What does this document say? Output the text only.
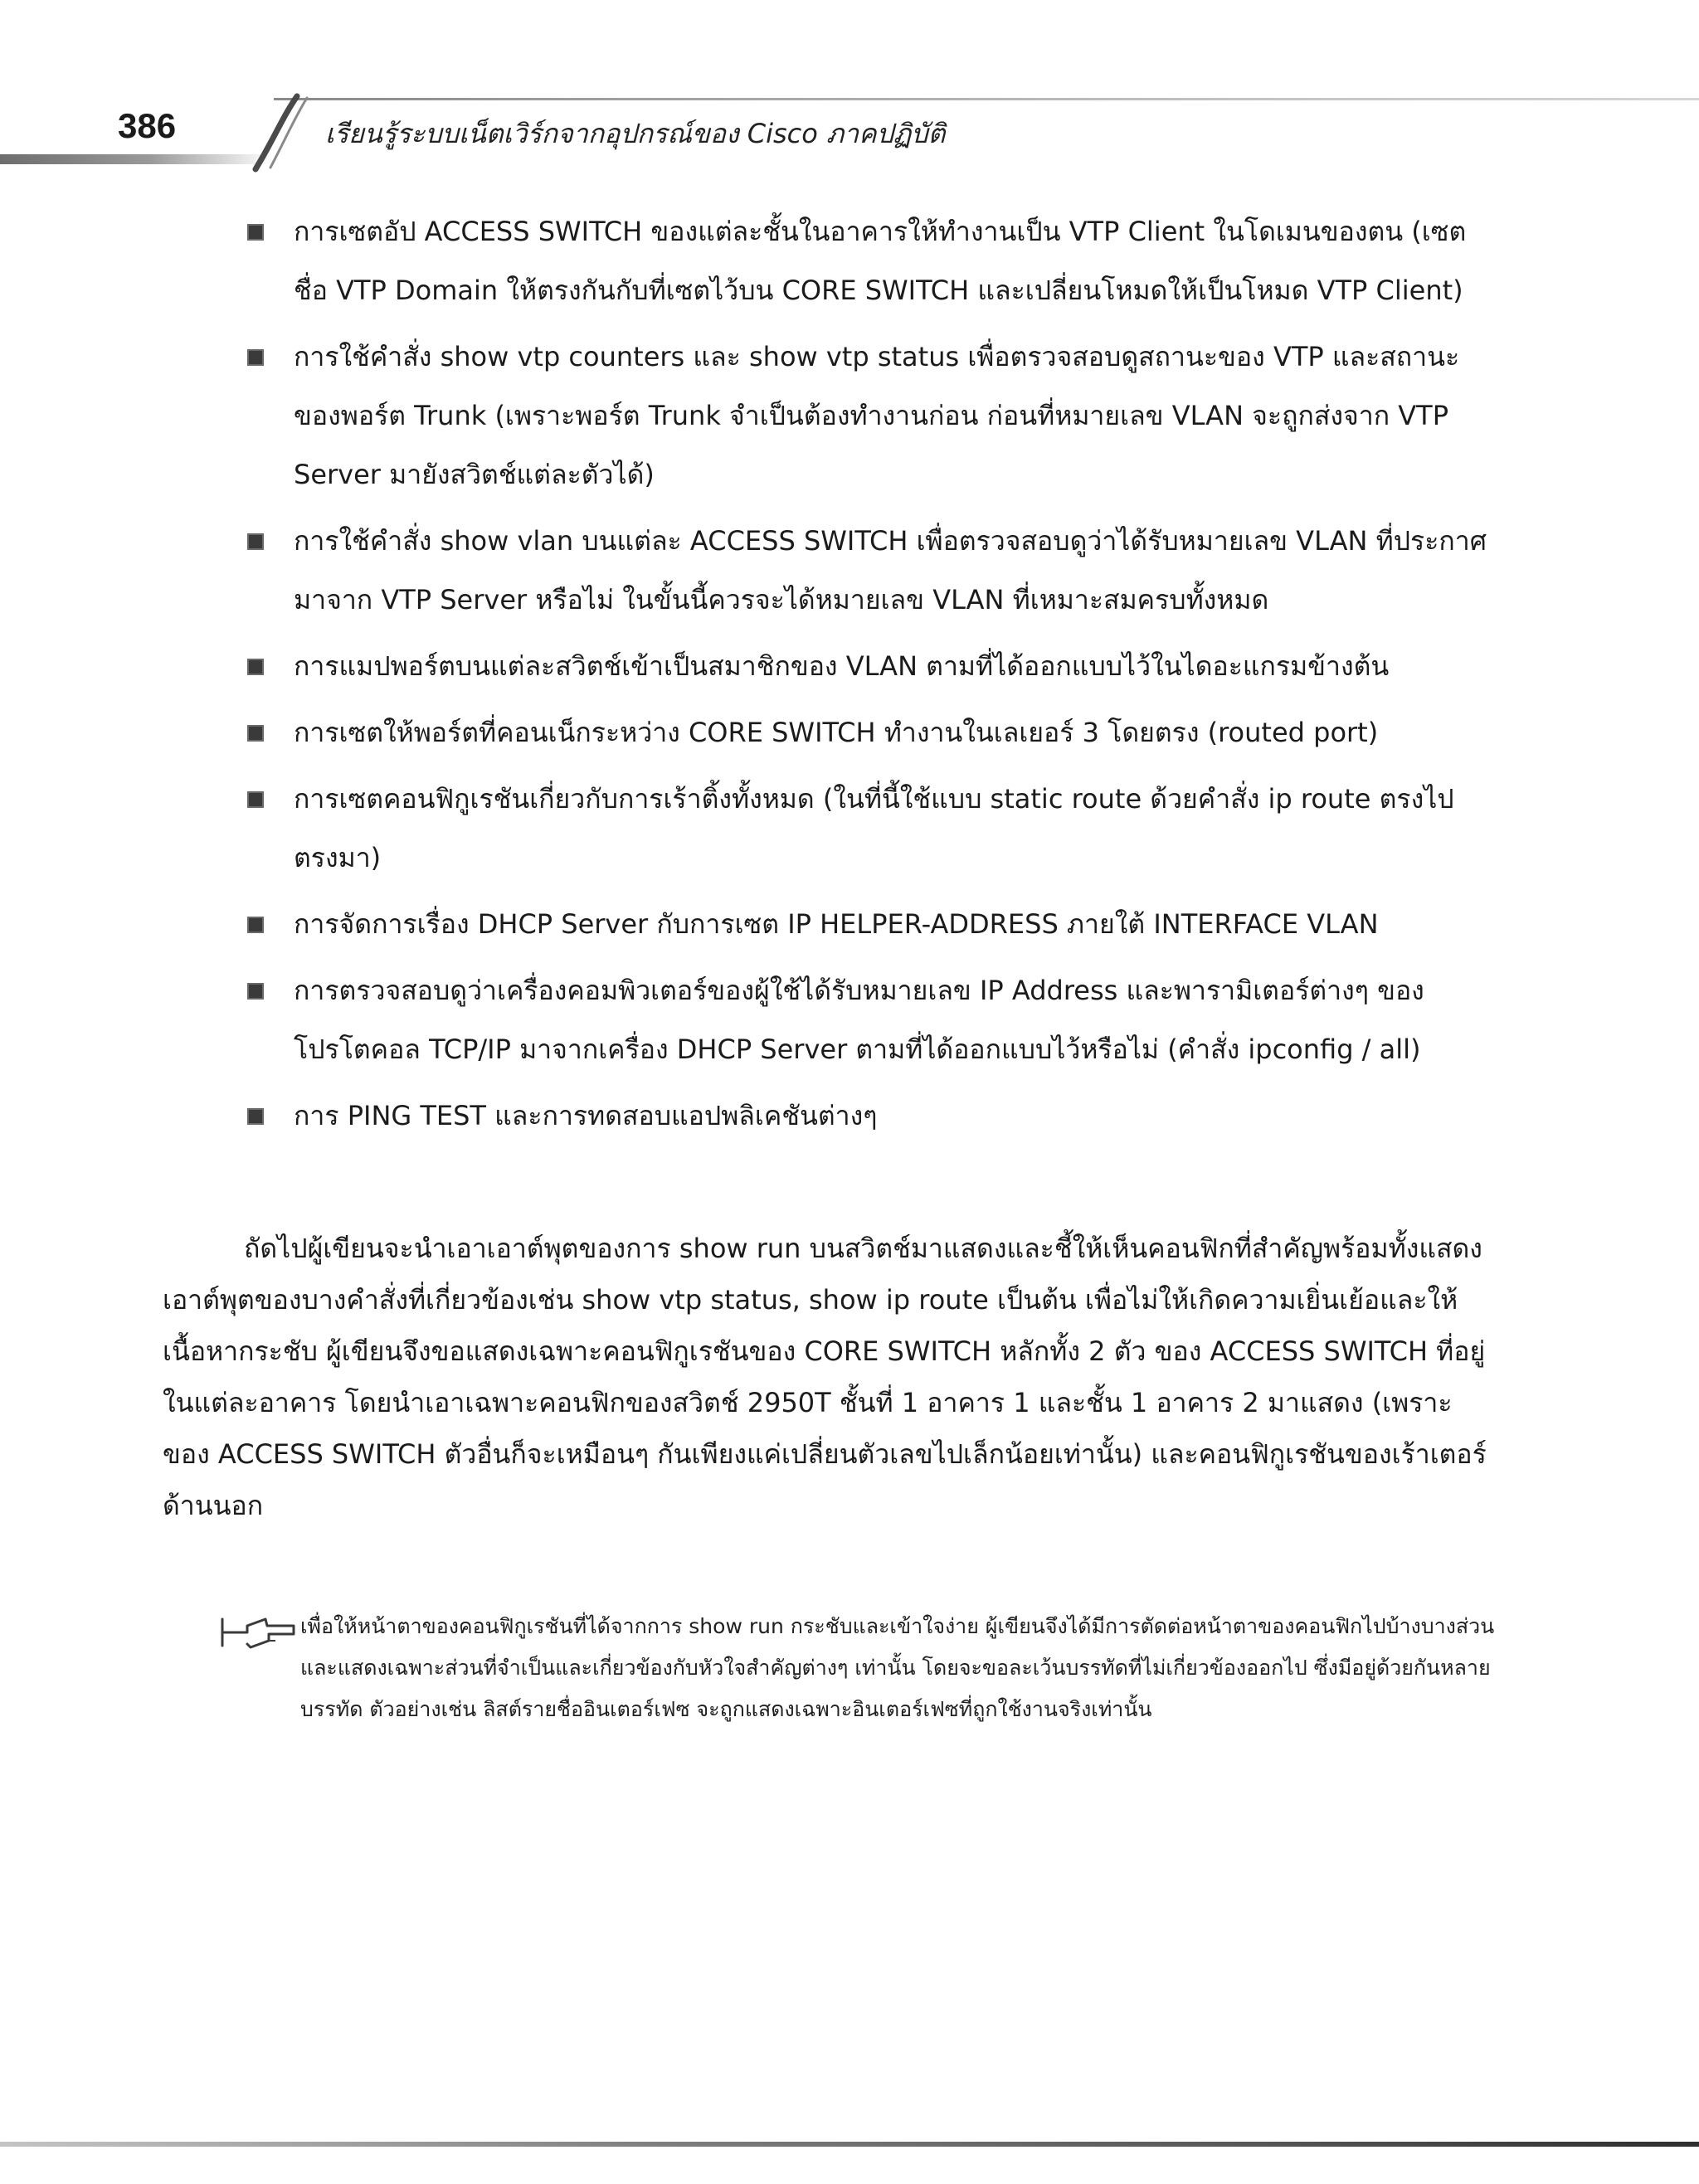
386	เรียนรู้ระบบเน็ตเวิร์กจากอุปกรณ์ของ Cisco ภาคปฏิบัติ
การเซตอัป ACCESS SWITCH ของแต่ละชั้นในอาคารให้ทำงานเป็น VTP Client ในโดเมนของตน (เซตชื่อ VTP Domain ให้ตรงกันกับที่เซตไว้บน CORE SWITCH และเปลี่ยนโหมดให้เป็นโหมด VTP Client)
การใช้คำสั่ง show vtp counters และ show vtp status เพื่อตรวจสอบดูสถานะของ VTP และสถานะของพอร์ต Trunk (เพราะพอร์ต Trunk จำเป็นต้องทำงานก่อน ก่อนที่หมายเลข VLAN จะถูกส่งจาก VTP Server มายังสวิตช์แต่ละตัวได้)
การใช้คำสั่ง show vlan บนแต่ละ ACCESS SWITCH เพื่อตรวจสอบดูว่าได้รับหมายเลข VLAN ที่ประกาศมาจาก VTP Server หรือไม่ ในขั้นนี้ควรจะได้หมายเลข VLAN ที่เหมาะสมครบทั้งหมด
การแมปพอร์ตบนแต่ละสวิตช์เข้าเป็นสมาชิกของ VLAN ตามที่ได้ออกแบบไว้ในไดอะแกรมข้างต้น
การเซตให้พอร์ตที่คอนเน็กระหว่าง CORE SWITCH ทำงานในเลเยอร์ 3 โดยตรง (routed port)
การเซตคอนฟิกูเรชันเกี่ยวกับการเร้าติ้งทั้งหมด (ในที่นี้ใช้แบบ static route ด้วยคำสั่ง ip route ตรงไปตรงมา)
การจัดการเรื่อง DHCP Server กับการเซต IP HELPER-ADDRESS ภายใต้ INTERFACE VLAN
การตรวจสอบดูว่าเครื่องคอมพิวเตอร์ของผู้ใช้ได้รับหมายเลข IP Address และพารามิเตอร์ต่างๆ ของโปรโตคอล TCP/IP มาจากเครื่อง DHCP Server ตามที่ได้ออกแบบไว้หรือไม่ (คำสั่ง ipconfig / all)
การ PING TEST และการทดสอบแอปพลิเคชันต่างๆ

ถัดไปผู้เขียนจะนำเอาเอาต์พุตของการ show run บนสวิตช์มาแสดงและชี้ให้เห็นคอนฟิกที่สำคัญพร้อมทั้งแสดงเอาต์พุตของบางคำสั่งที่เกี่ยวข้องเช่น show vtp status, show ip route เป็นต้น เพื่อไม่ให้เกิดความเยิ่นเย้อและให้เนื้อหากระชับ ผู้เขียนจึงขอแสดงเฉพาะคอนฟิกูเรชันของ CORE SWITCH หลักทั้ง 2 ตัว ของ ACCESS SWITCH ที่อยู่ในแต่ละอาคาร โดยนำเอาเฉพาะคอนฟิกของสวิตช์ 2950T ชั้นที่ 1 อาคาร 1 และชั้น 1 อาคาร 2 มาแสดง (เพราะของ ACCESS SWITCH ตัวอื่นก็จะเหมือนๆ กันเพียงแค่เปลี่ยนตัวเลขไปเล็กน้อยเท่านั้น) และคอนฟิกูเรชันของเร้าเตอร์ด้านนอก

เพื่อให้หน้าตาของคอนฟิกูเรชันที่ได้จากการ show run กระชับและเข้าใจง่าย ผู้เขียนจึงได้มีการตัดต่อหน้าตาของคอนฟิกไปบ้างบางส่วน และแสดงเฉพาะส่วนที่จำเป็นและเกี่ยวข้องกับหัวใจสำคัญต่างๆ เท่านั้น โดยจะขอละเว้นบรรทัดที่ไม่เกี่ยวข้องออกไป ซึ่งมีอยู่ด้วยกันหลายบรรทัด ตัวอย่างเช่น ลิสต์รายชื่ออินเตอร์เฟซ จะถูกแสดงเฉพาะอินเตอร์เฟซที่ถูกใช้งานจริงเท่านั้น
